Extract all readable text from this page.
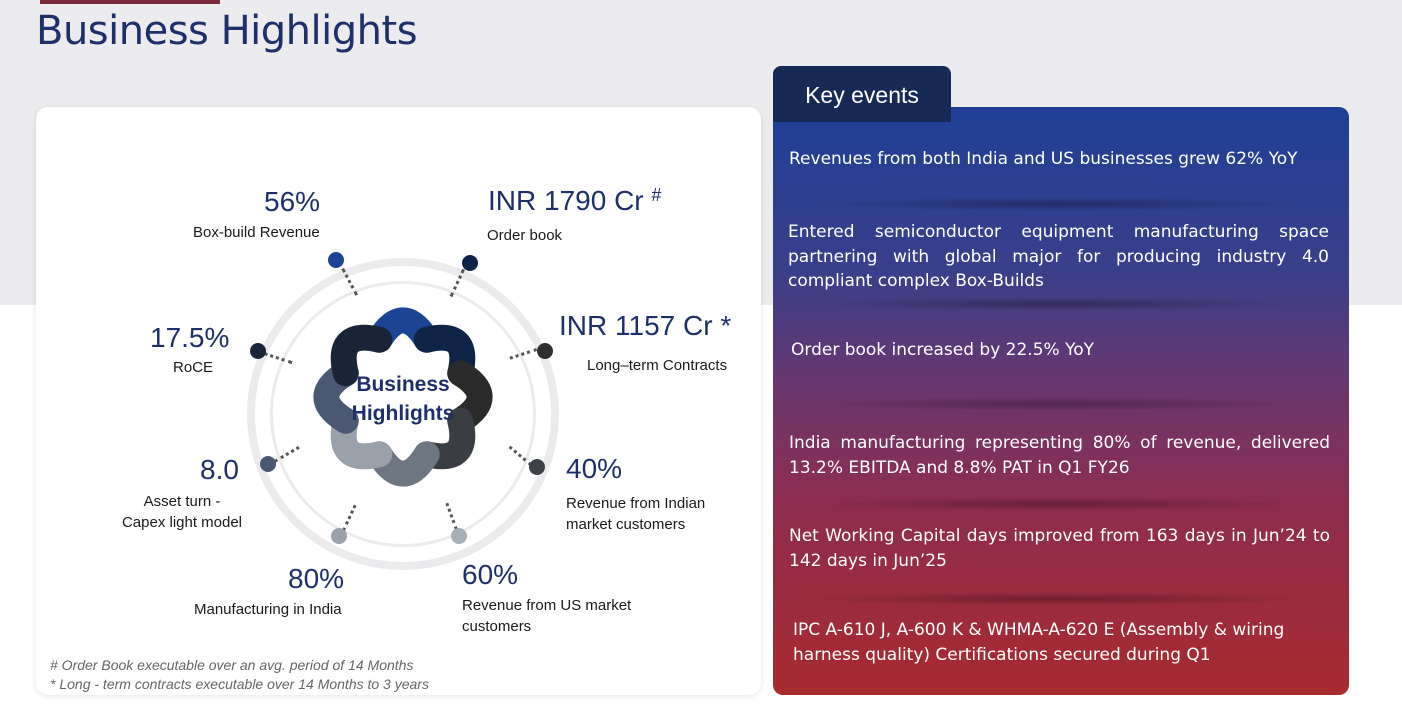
Business Highlights
Business
Highlights
56%
Box-build Revenue
INR 1790 Cr #
Order book
INR 1157 Cr *
Long–term Contracts
40%
Revenue from Indian
market customers
60%
Revenue from US market
customers
80%
Manufacturing in India
8.0
Asset turn -
Capex light model
17.5%
RoCE
# Order Book executable over an avg. period of 14 Months
* Long - term contracts executable over 14 Months to 3 years
Revenues from both India and US businesses grew 62% YoY
Entered semiconductor equipment manufacturing space partnering with global major for producing industry 4.0 compliant complex Box-Builds
Order book increased by 22.5% YoY
India manufacturing representing 80% of revenue, delivered 13.2% EBITDA and 8.8% PAT in Q1 FY26
Net Working Capital days improved from 163 days in Jun’24 to 142 days in Jun’25
IPC A-610 J, A-600 K & WHMA-A-620 E (Assembly & wiring harness quality) Certifications secured during Q1
Key events
